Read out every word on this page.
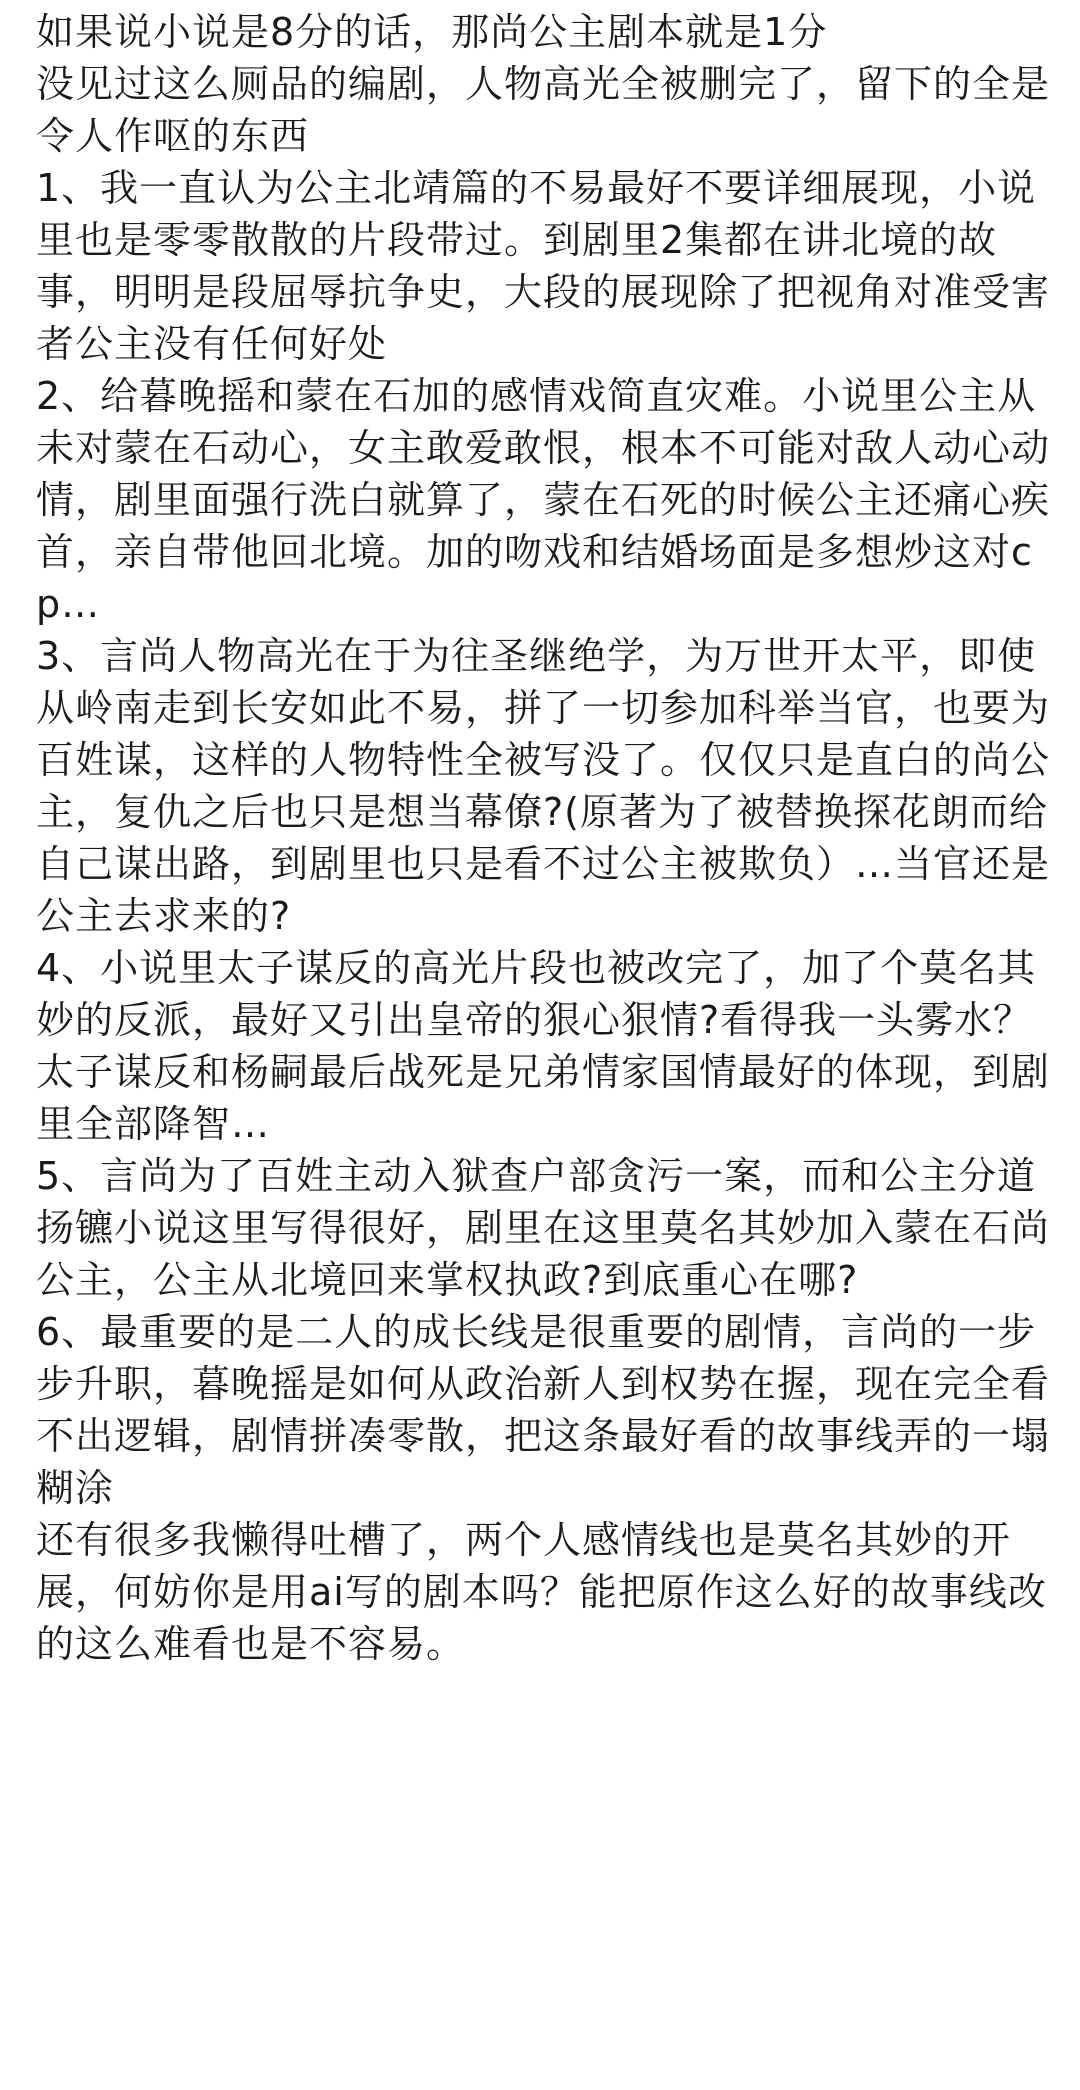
如果说小说是8分的话，那尚公主剧本就是1分

没见过这么厕品的编剧，人物高光全被删完了，留下的全是令人作呕的东西

1、我一直认为公主北靖篇的不易最好不要详细展现，小说里也是零零散散的片段带过。到剧里2集都在讲北境的故事，明明是段屈辱抗争史，大段的展现除了把视角对准受害者公主没有任何好处

2、给暮晚摇和蒙在石加的感情戏简直灾难。小说里公主从未对蒙在石动心，女主敢爱敢恨，根本不可能对敌人动心动情，剧里面强行洗白就算了，蒙在石死的时候公主还痛心疾首，亲自带他回北境。加的吻戏和结婚场面是多想炒这对cp…

3、言尚人物高光在于为往圣继绝学，为万世开太平，即使从岭南走到长安如此不易，拼了一切参加科举当官，也要为百姓谋，这样的人物特性全被写没了。仅仅只是直白的尚公主，复仇之后也只是想当幕僚?(原著为了被替换探花朗而给自己谋出路，到剧里也只是看不过公主被欺负）…当官还是公主去求来的?

4、小说里太子谋反的高光片段也被改完了，加了个莫名其妙的反派，最好又引出皇帝的狠心狠情?看得我一头雾水？太子谋反和杨嗣最后战死是兄弟情家国情最好的体现，到剧里全部降智…

5、言尚为了百姓主动入狱查户部贪污一案，而和公主分道扬镳小说这里写得很好，剧里在这里莫名其妙加入蒙在石尚公主，公主从北境回来掌权执政?到底重心在哪?

6、最重要的是二人的成长线是很重要的剧情，言尚的一步步升职，暮晚摇是如何从政治新人到权势在握，现在完全看不出逻辑，剧情拼凑零散，把这条最好看的故事线弄的一塌糊涂

还有很多我懒得吐槽了，两个人感情线也是莫名其妙的开展，何妨你是用ai写的剧本吗？能把原作这么好的故事线改的这么难看也是不容易。
